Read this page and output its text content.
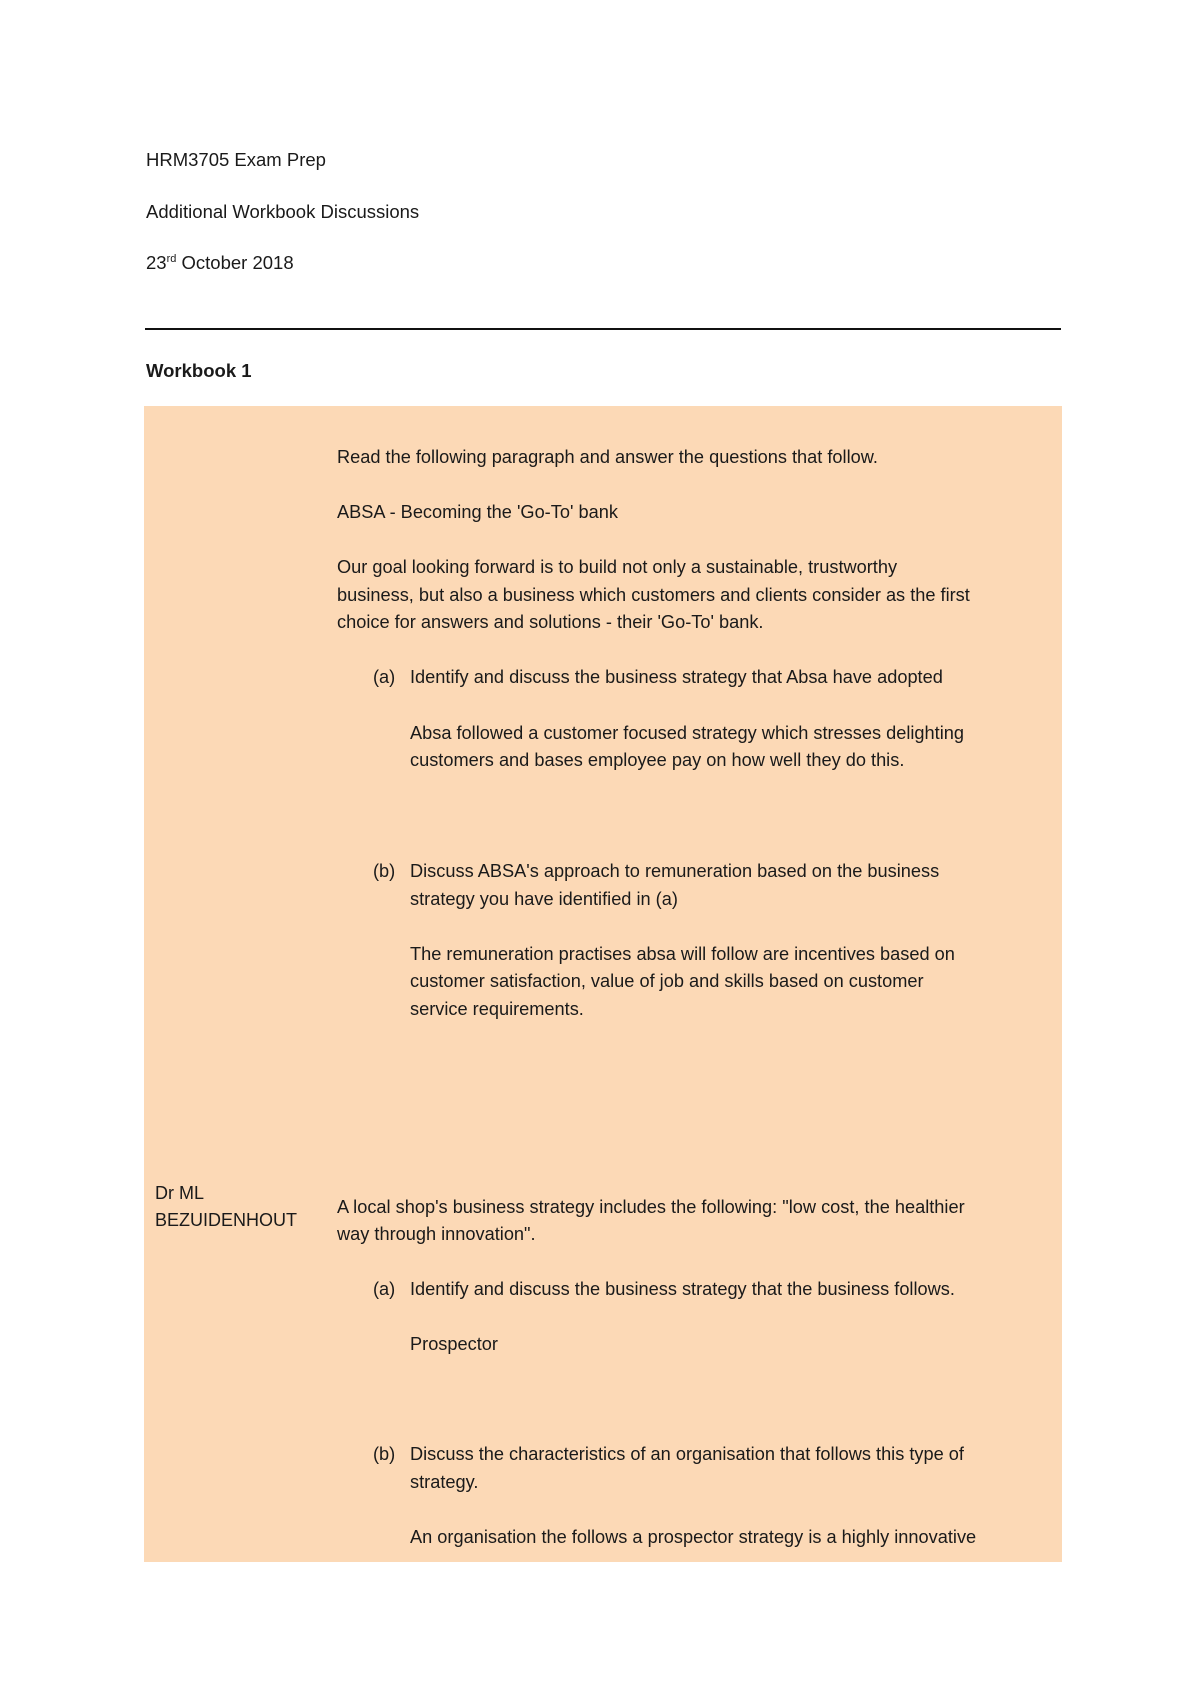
HRM3705 Exam Prep
Additional Workbook Discussions
23rd October 2018
Workbook 1
Dr ML
BEZUIDENHOUT
Read the following paragraph and answer the questions that follow.
ABSA - Becoming the 'Go-To' bank
Our goal looking forward is to build not only a sustainable, trustworthy
business, but also a business which customers and clients consider as the first
choice for answers and solutions - their 'Go-To' bank.
(a) Identify and discuss the business strategy that Absa have adopted
Absa followed a customer focused strategy which stresses delighting
customers and bases employee pay on how well they do this.
(b) Discuss ABSA's approach to remuneration based on the business
strategy you have identified in (a)
The remuneration practises absa will follow are incentives based on
customer satisfaction, value of job and skills based on customer
service requirements.
A local shop's business strategy includes the following: "low cost, the healthier
way through innovation".
(a) Identify and discuss the business strategy that the business follows.
Prospector
(b) Discuss the characteristics of an organisation that follows this type of
strategy.
An organisation the follows a prospector strategy is a highly innovative
